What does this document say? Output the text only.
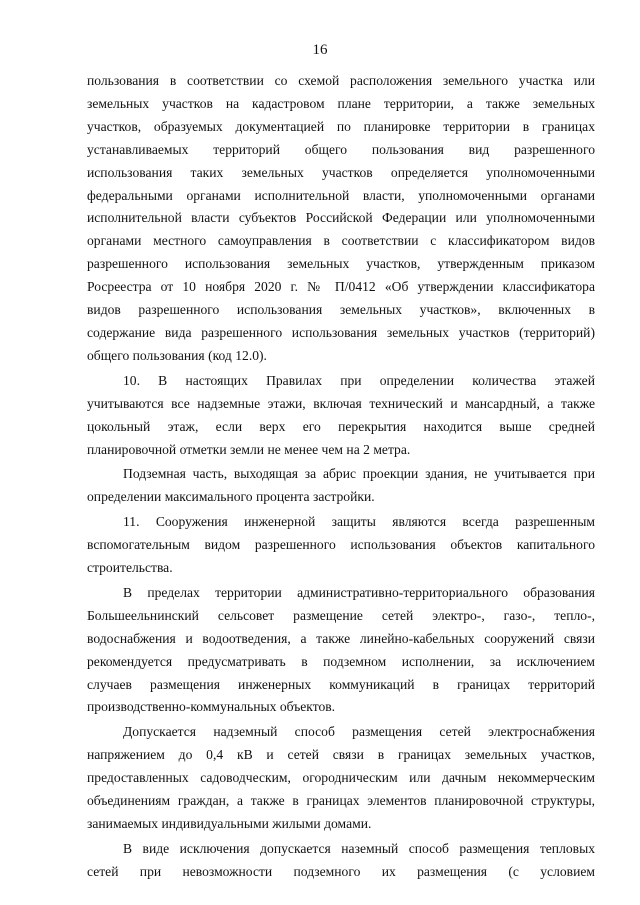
16
пользования в соответствии со схемой расположения земельного участка или
земельных участков на кадастровом плане территории, а также земельных
участков, образуемых документацией по планировке территории в границах
устанавливаемых территорий общего пользования вид разрешенного
использования таких земельных участков определяется уполномоченными
федеральными органами исполнительной власти, уполномоченными органами
исполнительной власти субъектов Российской Федерации или уполномоченными
органами местного самоуправления в соответствии с классификатором видов
разрешенного использования земельных участков, утвержденным приказом
Росреестра от 10 ноября 2020 г. № П/0412 «Об утверждении классификатора
видов разрешенного использования земельных участков», включенных в
содержание вида разрешенного использования земельных участков (территорий)
общего пользования (код 12.0).
10. В настоящих Правилах при определении количества этажей
учитываются все надземные этажи, включая технический и мансардный, а также
цокольный этаж, если верх его перекрытия находится выше средней
планировочной отметки земли не менее чем на 2 метра.
Подземная часть, выходящая за абрис проекции здания, не учитывается при
определении максимального процента застройки.
11. Сооружения инженерной защиты являются всегда разрешенным
вспомогательным видом разрешенного использования объектов капитального
строительства.
В пределах территории административно-территориального образования
Большеельнинский сельсовет размещение сетей электро-, газо-, тепло-,
водоснабжения и водоотведения, а также линейно-кабельных сооружений связи
рекомендуется предусматривать в подземном исполнении, за исключением
случаев размещения инженерных коммуникаций в границах территорий
производственно-коммунальных объектов.
Допускается надземный способ размещения сетей электроснабжения
напряжением до 0,4 кВ и сетей связи в границах земельных участков,
предоставленных садоводческим, огородническим или дачным некоммерческим
объединениям граждан, а также в границах элементов планировочной структуры,
занимаемых индивидуальными жилыми домами.
В виде исключения допускается наземный способ размещения тепловых
сетей при невозможности подземного их размещения (с условием
